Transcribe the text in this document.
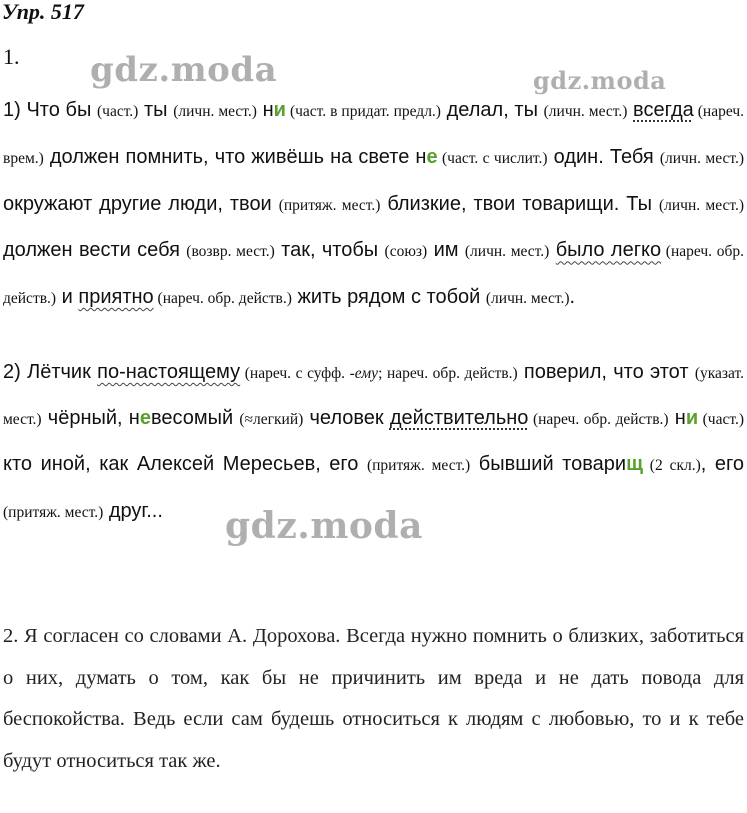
Упр. 517
1.
1) Что бы (част.) ты (личн. мест.) ни (част. в придат. предл.) делал, ты (личн. мест.) всегда (нареч. врем.) должен помнить, что живёшь на свете не (част. с числит.) один. Тебя (личн. мест.) окружают другие люди, твои (притяж. мест.) близкие, твои товарищи. Ты (личн. мест.) должен вести себя (возвр. мест.) так, чтобы (союз) им (личн. мест.) было легко (нареч. обр. действ.) и приятно (нареч. обр. действ.) жить рядом с тобой (личн. мест.).
2) Лётчик по-настоящему (нареч. с суфф. -ему; нареч. обр. действ.) поверил, что этот (указат. мест.) чёрный, невесомый (≈легкий) человек действительно (нареч. обр. действ.) ни (част.) кто иной, как Алексей Мересьев, его (притяж. мест.) бывший товарищ (2 скл.), его (притяж. мест.) друг...
2. Я согласен со словами А. Дорохова. Всегда нужно помнить о близких, заботиться о них, думать о том, как бы не причинить им вреда и не дать повода для беспокойства. Ведь если сам будешь относиться к людям с любовью, то и к тебе будут относиться так же.
gdz.moda	gdz.moda
gdz.moda
